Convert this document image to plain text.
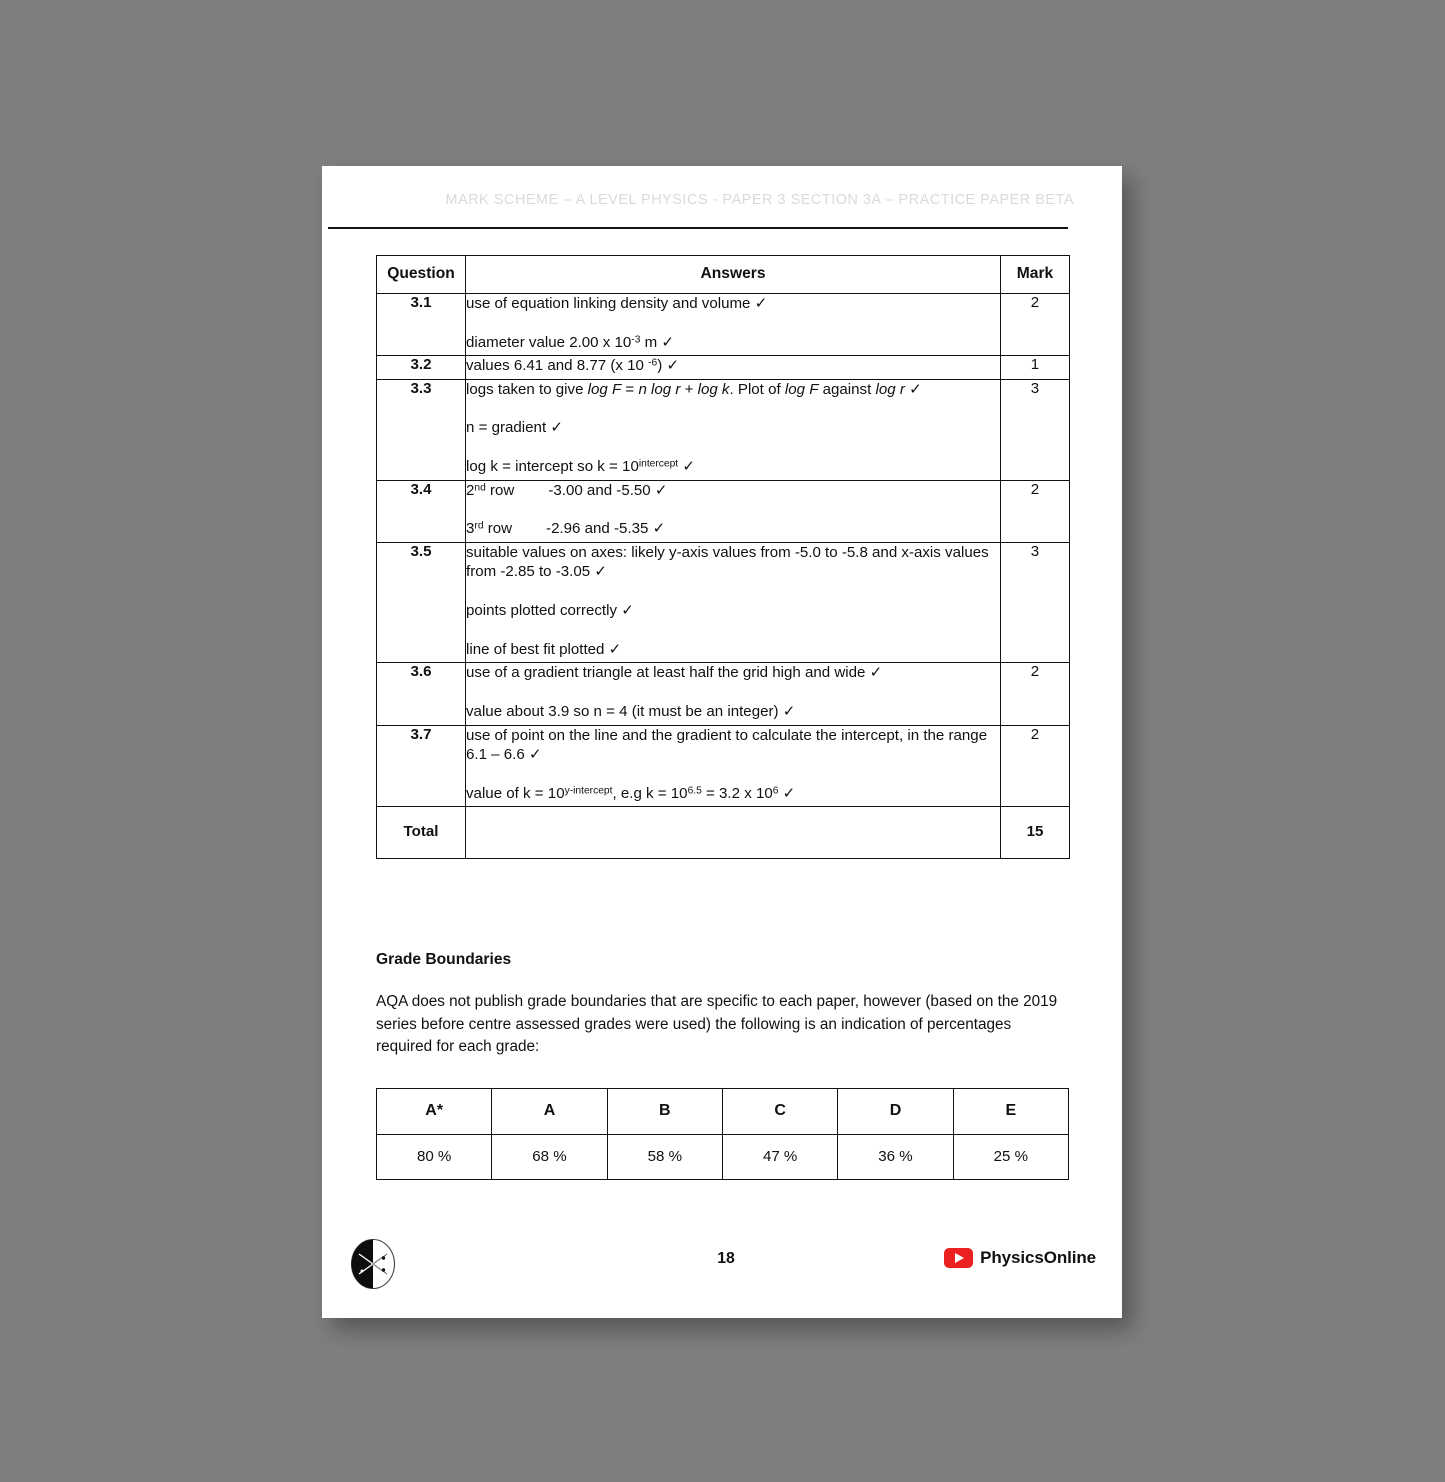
MARK SCHEME – A LEVEL PHYSICS - PAPER 3 SECTION 3A – PRACTICE PAPER BETA
Question	Answers	Mark
3.1	use of equation linking density and volume ✓

diameter value 2.00 x $10^{-3}$ m ✓	2
3.2	values 6.41 and 8.77 (x 10 $^{-6}$) ✓	1
3.3	logs taken to give log F = n log r + log k. Plot of log F against log r ✓

n = gradient ✓

log k = intercept so $k = 10^{intercept}$ ✓	3
3.4	2nd row -3.00 and -5.50 ✓

3rd row -2.96 and -5.35 ✓	2
3.5	suitable values on axes: likely y-axis values from -5.0 to -5.8 and x-axis values from -2.85 to -3.05 ✓

points plotted correctly ✓

line of best fit plotted ✓	3
3.6	use of a gradient triangle at least half the grid high and wide ✓

value about 3.9 so n = 4 (it must be an integer) ✓	2
3.7	use of point on the line and the gradient to calculate the intercept, in the range 6.1 – 6.6 ✓

value of $k = 10^{y-intercept}$, e.g $k = 10^{6.5} = 3.2$ x $10^6$ ✓	2
Total		15
Grade Boundaries

AQA does not publish grade boundaries that are specific to each paper, however (based on the 2019 series before centre assessed grades were used) the following is an indication of percentages required for each grade:

A*	A	B	C	D	E
80 %	68 %	58 %	47 %	36 %	25 %
18	PhysicsOnline
